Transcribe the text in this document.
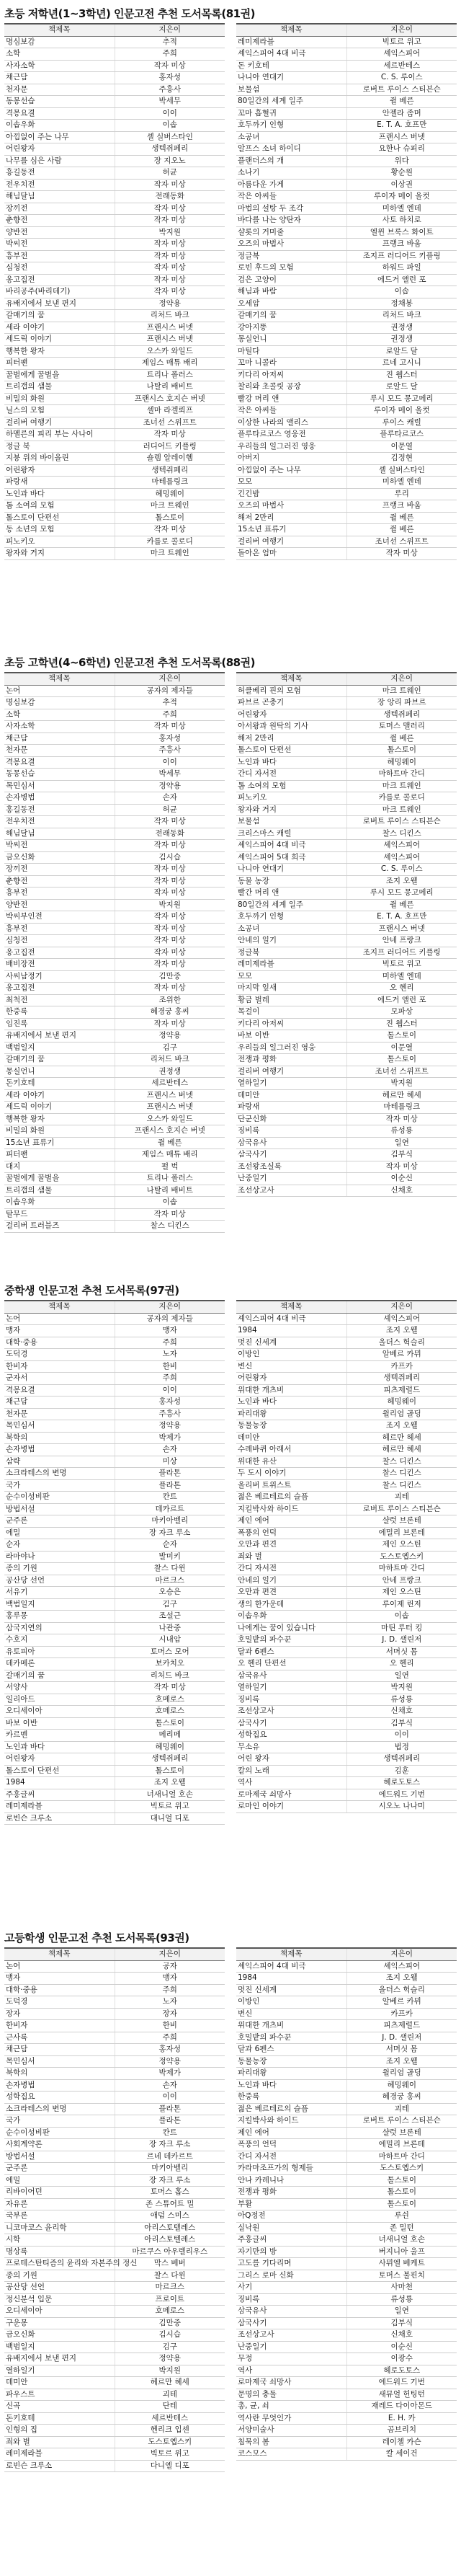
초등 저학년(1~3학년) 인문고전 추천 도서목록(81권)
책제목	지은이
명심보감	추적
소학	주희
사자소학	작자 미상
채근담	홍자성
천자문	주흥사
동몽선습	박세무
격몽요결	이이
이솝우화	이솝
아낌없이 주는 나무	셸 실버스타인
어린왕자	생텍쥐페리
나무를 심은 사람	장 지오노
흥길동전	허균
전우치전	작자 미상
해님달님	전래동화
장끼전	작자 미상
춘향전	작자 미상
양반전	박지원
박씨전	작자 미상
흥부전	작자 미상
심청전	작자 미상
옹고집전	작자 미상
바리공주(바리데기)	작자 미상
유배지에서 보낸 편지	정약용
갈매기의 꿈	리처드 바크
세라 이야기	프랜시스 버넷
세드릭 이야기	프랜시스 버넷
행복한 왕자	오스카 와일드
피터팬	제임스 매튜 배리
꿀벌에게 꿀벌을	트리나 폴러스
트리갭의 샘물	나탈리 배비트
비밀의 화원	프랜시스 호지슨 버넷
닐스의 모험	셀마 라겔뢰프
걸리버 여행기	조너선 스위프트
하멜른의 피리 부는 사나이	작자 미상
정글 북	러디어드 키플링
지붕 위의 바이올린	숄렘 알레이헴
어린왕자	생텍쥐페리
파랑새	마테를링크
노인과 바다	헤밍웨이
톰 소여의 모험	마크 트웨인
톨스토이 단편선	톨스토이
동 소년의 모험	작자 미상
피노키오	카를로 콜로디
왕자와 거지	마크 트웨인
책제목	지은이
레미제라블	빅토르 위고
셰익스피어 4대 비극	셰익스피어
돈 키호테	세르반테스
나니아 연대기	C. S. 루이스
보물섬	로버트 루이스 스티븐슨
80일간의 세계 일주	쥘 베른
꼬마 흡혈귀	안젤라 좀머
호두까기 인형	E. T. A. 호프만
소공녀	프랜시스 버넷
알프스 소녀 하이디	요한나 슈피리
플랜더스의 개	위다
소나기	황순원
아름다운 가게	이상권
작은 아씨들	루이자 메이 올컷
마법의 설탕 두 조각	미하엘 엔데
바다를 나는 양탄자	사토 하치로
샬롯의 거미줄	엘윈 브룩스 화이트
오즈의 마법사	프랭크 바움
정글북	조지프 러디어드 키플링
로빈 후드의 모험	하워드 파일
검은 고양이	에드거 앨런 포
해님과 바람	이솝
오세암	정채봉
갈매기의 꿈	리처드 바크
강아지똥	권정생
몽실언니	권정생
마틸다	로알드 달
꼬마 니콜라	르네 고시니
키다리 아저씨	진 웹스터
찰리와 초콜릿 공장	로알드 달
빨강 머리 앤	루시 모드 몽고메리
작은 아씨들	루이자 메이 올컷
이상한 나라의 앨리스	루이스 캐럴
플루타르코스 영웅전	플루타르코스
우리들의 일그러진 영웅	이문열
아버지	김정현
아낌없이 주는 나무	셸 실버스타인
모모	미하엘 엔데
긴긴밤	루리
오즈의 마법사	프랭크 바움
해저 2만리	쥘 베른
15소년 표류기	쥘 베른
걸리버 여행기	조너선 스위프트
돌아온 엄마	작자 미상
초등 고학년(4~6학년) 인문고전 추천 도서목록(88권)
책제목	지은이
논어	공자의 제자들
명심보감	추적
소학	주희
사자소학	작자 미상
채근담	홍자성
천자문	주흥사
격몽요결	이이
동몽선습	박세무
목민심서	정약용
손자병법	손자
홍길동전	허균
전우치전	작자 미상
해님달님	전래동화
박씨전	작자 미상
금오신화	김시습
장끼전	작자 미상
춘향전	작자 미상
흥부전	작자 미상
양반전	박지원
박씨부인전	작자 미상
흥부전	작자 미상
심청전	작자 미상
옹고집전	작자 미상
배비장전	작자 미상
사씨남정기	김만중
옹고집전	작자 미상
최척전	조위한
한중록	혜경궁 홍씨
임진록	작자 미상
유배지에서 보낸 편지	정약용
백범일지	김구
갈매기의 꿈	리처드 바크
몽실언니	권정생
돈키호테	세르반테스
세라 이야기	프랜시스 버넷
세드릭 이야기	프랜시스 버넷
행복한 왕자	오스카 와일드
비밀의 화원	프랜시스 호지슨 버넷
15소년 표류기	쥘 베른
피터팬	제임스 매튜 배리
대지	펄 벅
꿀벌에게 꿀벌을	트리나 폴러스
트리갭의 샘물	나탈리 배비트
이솝우화	이솝
탈무드	작자 미상
걸리버 트러블즈	찰스 디킨스
책제목	지은이
허클베리 핀의 모험	마크 트웨인
파브르 곤충기	장 앙리 파브르
어린왕자	생텍쥐페리
아서왕과 원탁의 기사	토머스 맬러리
해저 2만리	쥘 베른
톨스토이 단편선	톨스토이
노인과 바다	헤밍웨이
간디 자서전	마하트마 간디
톰 소여의 모험	마크 트웨인
피노키오	카를로 콜로디
왕자와 거지	마크 트웨인
보물섬	로버트 루이스 스티븐슨
크리스마스 캐럴	찰스 디킨스
셰익스피어 4대 비극	셰익스피어
셰익스피어 5대 희극	셰익스피어
나니아 연대기	C. S. 루이스
동물 농장	조지 오웰
빨간 머리 앤	루시 모드 몽고메리
80일간의 세계 일주	쥘 베른
호두까기 인형	E. T. A. 호프만
소공녀	프랜시스 버넷
안네의 일기	안네 프랑크
정글북	조지프 러디어드 키플링
레미제라블	빅토르 위고
모모	미하엘 엔데
마지막 잎새	오 헨리
황금 벌레	에드거 앨런 포
목걸이	모파상
키다리 아저씨	진 웹스터
바보 이반	톨스토이
우리들의 일그러진 영웅	이문열
전쟁과 평화	톨스토이
걸리버 여행기	조너선 스위프트
열하일기	박지원
데미안	헤르만 헤세
파랑새	마테를링크
단군신화	작자 미상
징비록	류성룡
삼국유사	일연
삼국사기	김부식
조선왕조실록	작자 미상
난중일기	이순신
조선상고사	신채호
중학생 인문고전 추천 도서목록(97권)
책제목	지은이
논어	공자의 제자들
맹자	맹자
대학·중용	주희
도덕경	노자
한비자	한비
군자서	주희
격몽요결	이이
채근담	홍자성
천자문	주흥사
목민심서	정약용
북학의	박제가
손자병법	손자
삼략	미상
소크라테스의 변명	플라톤
국가	플라톤
순수이성비판	칸트
방법서설	데카르트
군주론	마키아벨리
에밀	장 자크 루소
순자	순자
라마야나	발미키
종의 기원	찰스 다윈
공산당 선언	마르크스
서유기	오승은
백범일지	김구
홍루몽	조설근
삼국지연의	나관중
수호지	시내암
유토피아	토머스 모어
데카메론	보카치오
갈매기의 꿈	리처드 바크
서양사	작자 미상
일리아드	호메로스
오디세이아	호메로스
바보 이반	톨스토이
카르멘	메리메
노인과 바다	헤밍웨이
어린왕자	생텍쥐페리
톨스토이 단편선	톨스토이
1984	조지 오웰
주홍글씨	너새니얼 호손
레미제라블	빅토르 위고
로빈슨 크루소	대니얼 디포
책제목	지은이
셰익스피어 4대 비극	셰익스피어
1984	조지 오웰
멋진 신세계	올더스 헉슬리
이방인	알베르 카뮈
변신	카프카
어린왕자	생텍쥐페리
위대한 개츠비	피츠제럴드
노인과 바다	헤밍웨이
파리대왕	윌리엄 골딩
동물농장	조지 오웰
데미안	헤르만 헤세
수레바퀴 아래서	헤르만 헤세
위대한 유산	찰스 디킨스
두 도시 이야기	찰스 디킨스
올리버 트위스트	찰스 디킨스
젊은 베르테르의 슬픔	괴테
지킬박사와 하이드	로버트 루이스 스티븐슨
제인 에어	샬럿 브론테
폭풍의 언덕	에밀리 브론테
오만과 편견	제인 오스틴
죄와 벌	도스토옙스키
간디 자서전	마하트마 간디
안네의 일기	안네 프랑크
오만과 편견	제인 오스틴
생의 한가운데	루이제 린저
이솝우화	이솝
나에게는 꿈이 있습니다	마틴 루터 킹
호밀밭의 파수꾼	J. D. 샐린저
달과 6펜스	서머싯 몸
오 헨리 단편선	오 헨리
삼국유사	일연
열하일기	박지원
징비록	류성룡
조선상고사	신채호
삼국사기	김부식
성학집요	이이
무소유	법정
어린 왕자	생텍쥐페리
칼의 노래	김훈
역사	헤로도토스
로마제국 쇠망사	에드워드 기번
로마인 이야기	시오노 나나미
고등학생 인문고전 추천 도서목록(93권)
책제목	지은이
논어	공자
맹자	맹자
대학·중용	주희
도덕경	노자
장자	장자
한비자	한비
근사록	주희
채근담	홍자성
목민심서	정약용
북학의	박제가
손자병법	손자
성학집요	이이
소크라테스의 변명	플라톤
국가	플라톤
순수이성비판	칸트
사회계약론	장 자크 루소
방법서설	르네 데카르트
군주론	마키아벨리
에밀	장 자크 루소
리바이어던	토머스 홉스
자유론	존 스튜어트 밀
국부론	애덤 스미스
니코마코스 윤리학	아리스토텔레스
시학	아리스토텔레스
명상록	마르쿠스 아우렐리우스
프로테스탄티즘의 윤리와 자본주의 정신	막스 베버
종의 기원	찰스 다윈
공산당 선언	마르크스
정신분석 입문	프로이트
오디세이아	호메로스
구운몽	김만중
금오신화	김시습
백범일지	김구
유배지에서 보낸 편지	정약용
열하일기	박지원
데미안	헤르만 헤세
파우스트	괴테
신곡	단테
돈키호테	세르반테스
인형의 집	헨리크 입센
죄와 벌	도스토옙스키
레미제라블	빅토르 위고
로빈슨 크루소	다니엘 디포
책제목	지은이
셰익스피어 4대 비극	셰익스피어
1984	조지 오웰
멋진 신세계	올더스 헉슬리
이방인	알베르 카뮈
변신	카프카
위대한 개츠비	피츠제럴드
호밀밭의 파수꾼	J. D. 샐린저
달과 6펜스	서머싯 몸
동물농장	조지 오웰
파리대왕	윌리엄 골딩
노인과 바다	헤밍웨이
한중록	혜경궁 홍씨
젊은 베르테르의 슬픔	괴테
지킬박사와 하이드	로버트 루이스 스티븐슨
제인 에어	샬럿 브론테
폭풍의 언덕	에밀리 브론테
간디 자서전	마하트마 간디
카라마조프가의 형제들	도스토옙스키
안나 카레니나	톨스토이
전쟁과 평화	톨스토이
부활	톨스토이
아Q정전	루쉰
실낙원	존 밀턴
주홍글씨	너새니얼 호손
자기만의 방	버지니아 울프
고도를 기다리며	사뮈엘 베케트
그리스 로마 신화	토머스 불핀치
사기	사마천
징비록	류성룡
삼국유사	일연
삼국사기	김부식
조선상고사	신채호
난중일기	이순신
무정	이광수
역사	헤로도토스
로마제국 쇠망사	에드워드 기번
문명의 충돌	새뮤얼 헌팅턴
총, 균, 쇠	재레드 다이아몬드
역사란 무엇인가	E. H. 카
서양미술사	곰브리치
침묵의 봄	레이첼 카슨
코스모스	칼 세이건
